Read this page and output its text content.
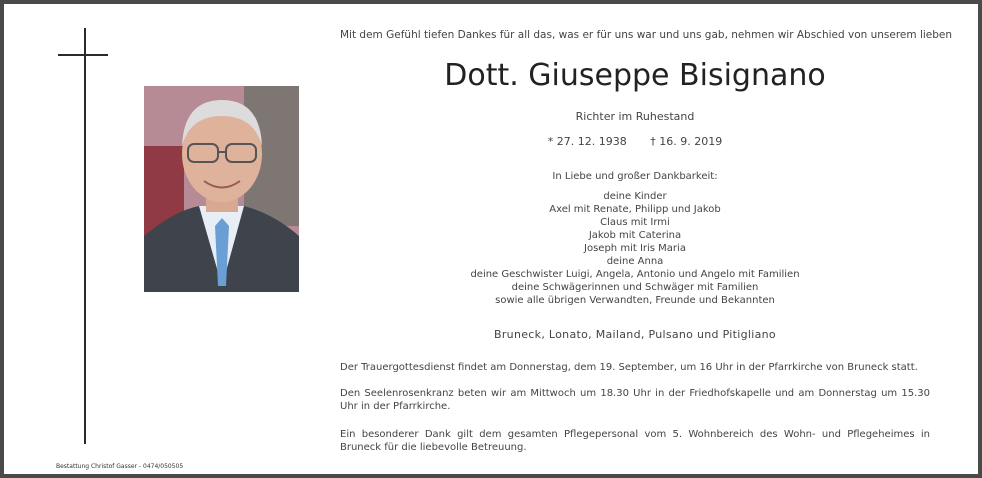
Bestattung Christof Gasser - 0474/050505
Mit dem Gefühl tiefen Dankes für all das, was er für uns war und uns gab, nehmen wir Abschied von unserem lieben
Dott. Giuseppe Bisignano
Richter im Ruhestand
* 27. 12. 1938 † 16. 9. 2019
In Liebe und großer Dankbarkeit:
deine Kinder
Axel mit Renate, Philipp und Jakob
Claus mit Irmi
Jakob mit Caterina
Joseph mit Iris Maria
deine Anna
deine Geschwister Luigi, Angela, Antonio und Angelo mit Familien
deine Schwägerinnen und Schwäger mit Familien
sowie alle übrigen Verwandten, Freunde und Bekannten
Bruneck, Lonato, Mailand, Pulsano und Pitigliano
Der Trauergottesdienst findet am Donnerstag, dem 19. September, um 16 Uhr in der Pfarrkirche von Bruneck statt.
Den Seelenrosenkranz beten wir am Mittwoch um 18.30 Uhr in der Friedhofskapelle und am Donnerstag um 15.30 Uhr in der Pfarrkirche.
Ein besonderer Dank gilt dem gesamten Pflegepersonal vom 5. Wohnbereich des Wohn- und Pflegeheimes in Bruneck für die liebevolle Betreuung.
